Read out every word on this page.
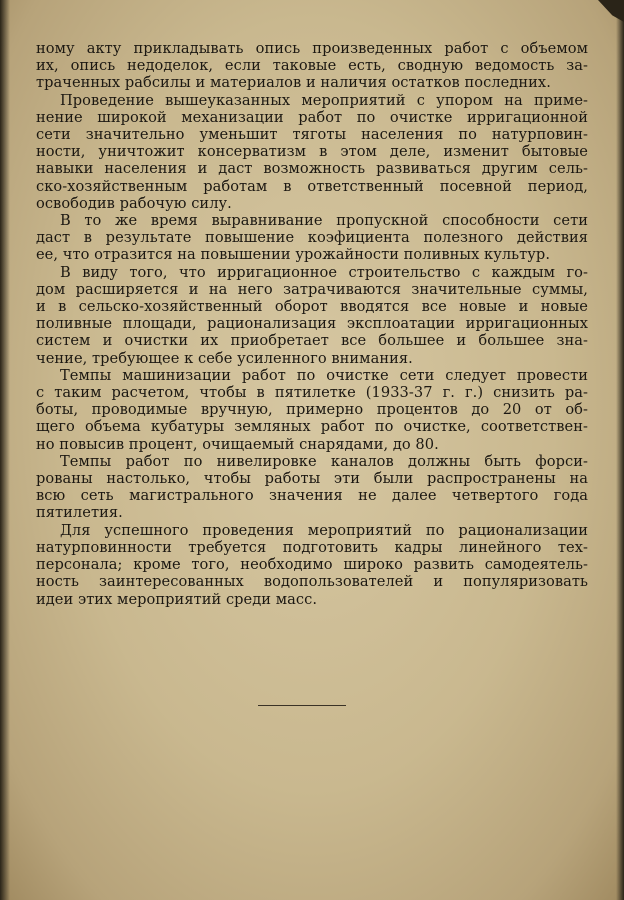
ному акту прикладывать опись произведенных работ с объемом
их, опись недоделок, если таковые есть, сводную ведомость за-
траченных рабсилы и материалов и наличия остатков последних.
Проведение вышеуказанных мероприятий с упором на приме-
нение широкой механизации работ по очистке ирригационной
сети значительно уменьшит тяготы населения по натурповин-
ности, уничтожит консерватизм в этом деле, изменит бытовые
навыки населения и даст возможность развиваться другим сель-
ско-хозяйственным работам в ответственный посевной период,
освободив рабочую силу.
В то же время выравнивание пропускной способности сети
даст в результате повышение коэфициента полезного действия
ее, что отразится на повышении урожайности поливных культур.
В виду того, что ирригационное строительство с каждым го-
дом расширяется и на него затрачиваются значительные суммы,
и в сельско-хозяйственный оборот вводятся все новые и новые
поливные площади, рационализация эксплоатации ирригационных
систем и очистки их приобретает все большее и большее зна-
чение, требующее к себе усиленного внимания.
Темпы машинизации работ по очистке сети следует провести
с таким расчетом, чтобы в пятилетке (1933-37 г. г.) снизить ра-
боты, проводимые вручную, примерно процентов до 20 от об-
щего объема кубатуры земляных работ по очистке, соответствен-
но повысив процент, очищаемый снарядами, до 80.
Темпы работ по нивелировке каналов должны быть форси-
рованы настолько, чтобы работы эти были распространены на
всю сеть магистрального значения не далее четвертого года
пятилетия.
Для успешного проведения мероприятий по рационализации
натурповинности требуется подготовить кадры линейного тех-
персонала; кроме того, необходимо широко развить самодеятель-
ность заинтересованных водопользователей и популяризовать
идеи этих мероприятий среди масс.
